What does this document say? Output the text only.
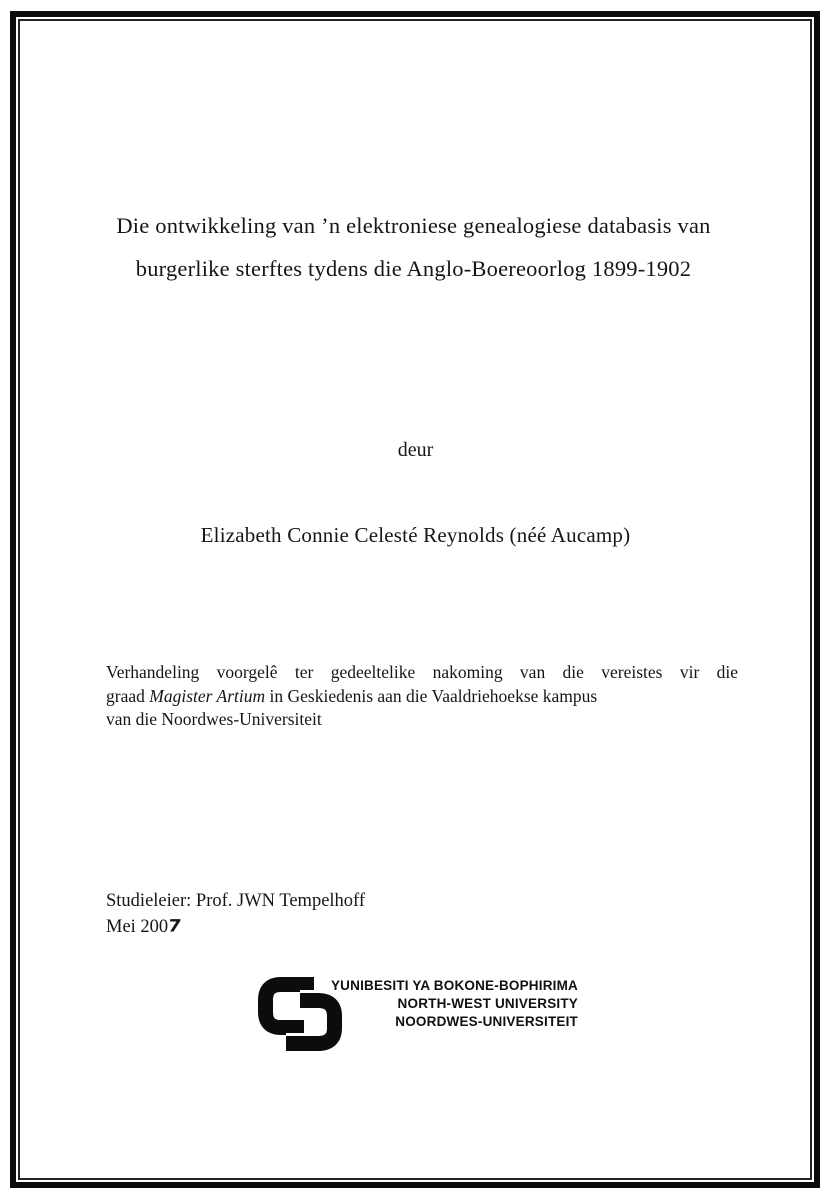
Die ontwikkeling van ’n elektroniese genealogiese databasis van
burgerlike sterftes tydens die Anglo-Boereoorlog 1899-1902

deur

Elizabeth Connie Celesté Reynolds (néé Aucamp)

Verhandeling voorgelê ter gedeeltelike nakoming van die vereistes vir die
graad Magister Artium in Geskiedenis aan die Vaaldriehoekse kampus
van die Noordwes-Universiteit
Studieleier: Prof. JWN Tempelhoff
Mei 2007
YUNIBESITI YA BOKONE-BOPHIRIMA
NORTH-WEST UNIVERSITY
NOORDWES-UNIVERSITEIT
